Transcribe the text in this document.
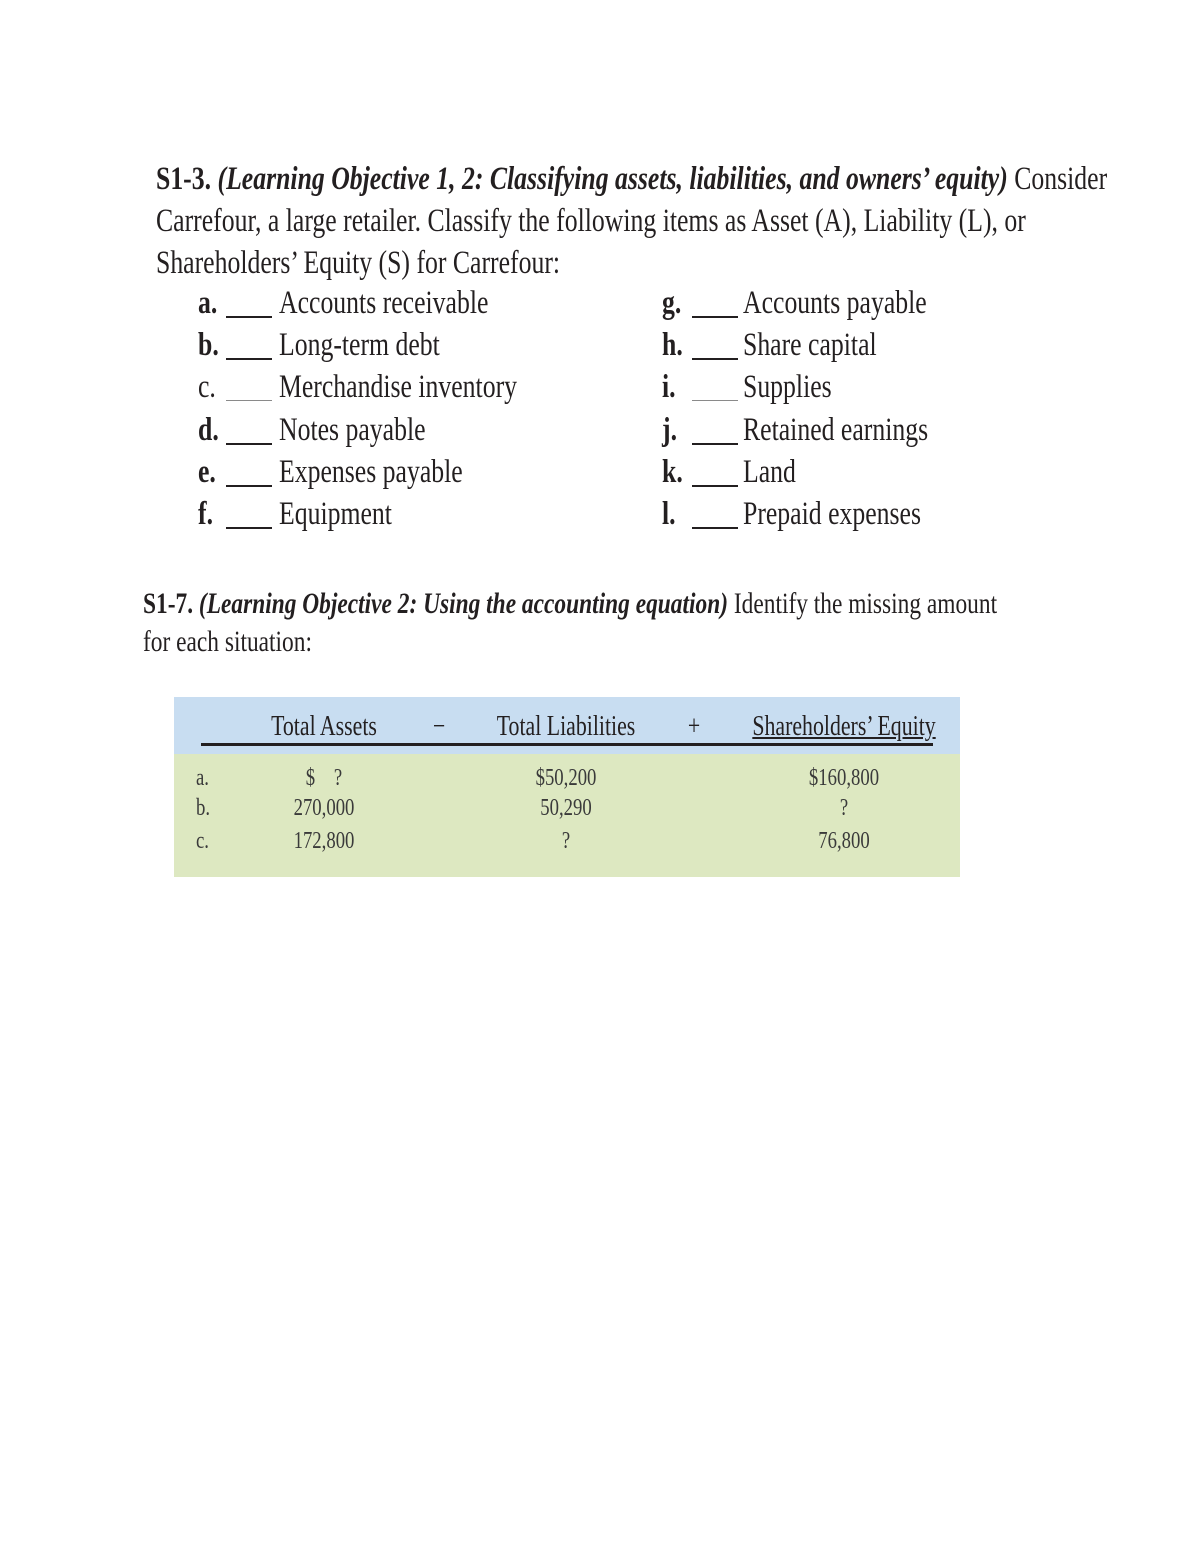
S1-3. (Learning Objective 1, 2: Classifying assets, liabilities, and owners’ equity) Consider
Carrefour, a large retailer. Classify the following items as Asset (A), Liability (L), or
Shareholders’ Equity (S) for Carrefour:
a. Accounts receivable
b. Long-term debt
c. Merchandise inventory
d. Notes payable
e. Expenses payable
f. Equipment
g. Accounts payable
h. Share capital
i. Supplies
j. Retained earnings
k. Land
l. Prepaid expenses
S1-7. (Learning Objective 2: Using the accounting equation) Identify the missing amount
for each situation:
Total Assets	−	Total Liabilities	+	Shareholders’ Equity
a.	$    ?	$50,200	$160,800
b.	270,000	50,290	?
c.	172,800	?	76,800
